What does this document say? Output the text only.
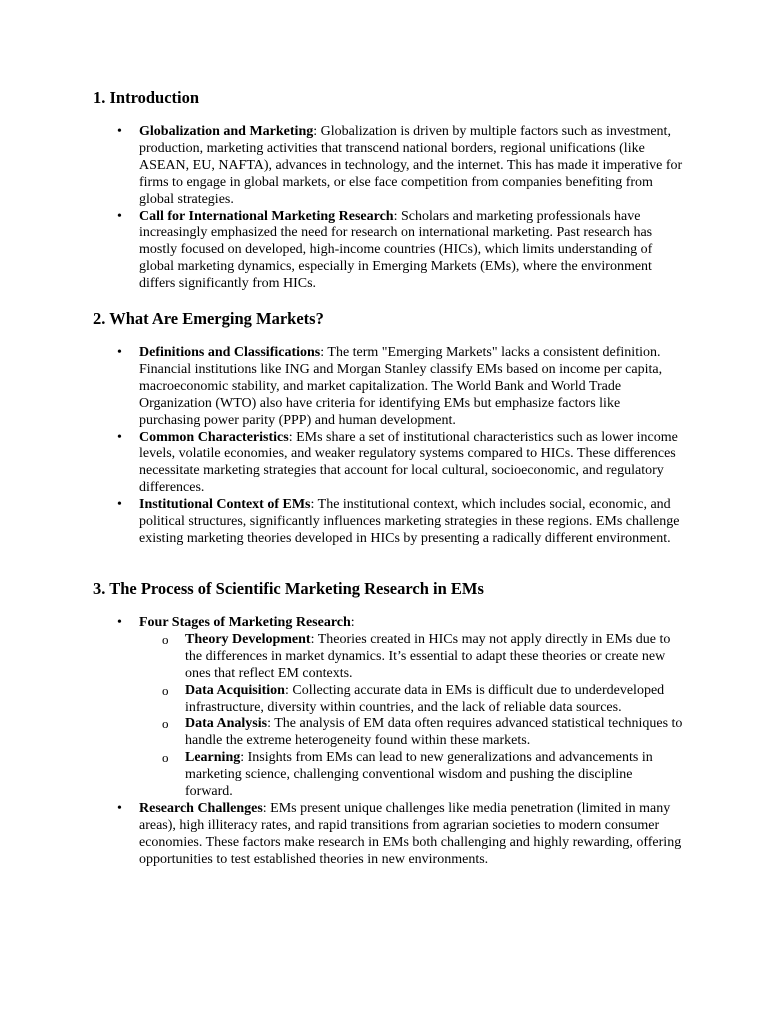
1. Introduction
• Globalization and Marketing: Globalization is driven by multiple factors such as investment, production, marketing activities that transcend national borders, regional unifications (like ASEAN, EU, NAFTA), advances in technology, and the internet. This has made it imperative for firms to engage in global markets, or else face competition from companies benefiting from global strategies.
• Call for International Marketing Research: Scholars and marketing professionals have increasingly emphasized the need for research on international marketing. Past research has mostly focused on developed, high-income countries (HICs), which limits understanding of global marketing dynamics, especially in Emerging Markets (EMs), where the environment differs significantly from HICs.
2. What Are Emerging Markets?
• Definitions and Classifications: The term "Emerging Markets" lacks a consistent definition. Financial institutions like ING and Morgan Stanley classify EMs based on income per capita, macroeconomic stability, and market capitalization. The World Bank and World Trade Organization (WTO) also have criteria for identifying EMs but emphasize factors like purchasing power parity (PPP) and human development.
• Common Characteristics: EMs share a set of institutional characteristics such as lower income levels, volatile economies, and weaker regulatory systems compared to HICs. These differences necessitate marketing strategies that account for local cultural, socioeconomic, and regulatory differences.
• Institutional Context of EMs: The institutional context, which includes social, economic, and political structures, significantly influences marketing strategies in these regions. EMs challenge existing marketing theories developed in HICs by presenting a radically different environment.
3. The Process of Scientific Marketing Research in EMs
• Four Stages of Marketing Research:
o Theory Development: Theories created in HICs may not apply directly in EMs due to the differences in market dynamics. It’s essential to adapt these theories or create new ones that reflect EM contexts.
o Data Acquisition: Collecting accurate data in EMs is difficult due to underdeveloped infrastructure, diversity within countries, and the lack of reliable data sources.
o Data Analysis: The analysis of EM data often requires advanced statistical techniques to handle the extreme heterogeneity found within these markets.
o Learning: Insights from EMs can lead to new generalizations and advancements in marketing science, challenging conventional wisdom and pushing the discipline forward.
• Research Challenges: EMs present unique challenges like media penetration (limited in many areas), high illiteracy rates, and rapid transitions from agrarian societies to modern consumer economies. These factors make research in EMs both challenging and highly rewarding, offering opportunities to test established theories in new environments.
